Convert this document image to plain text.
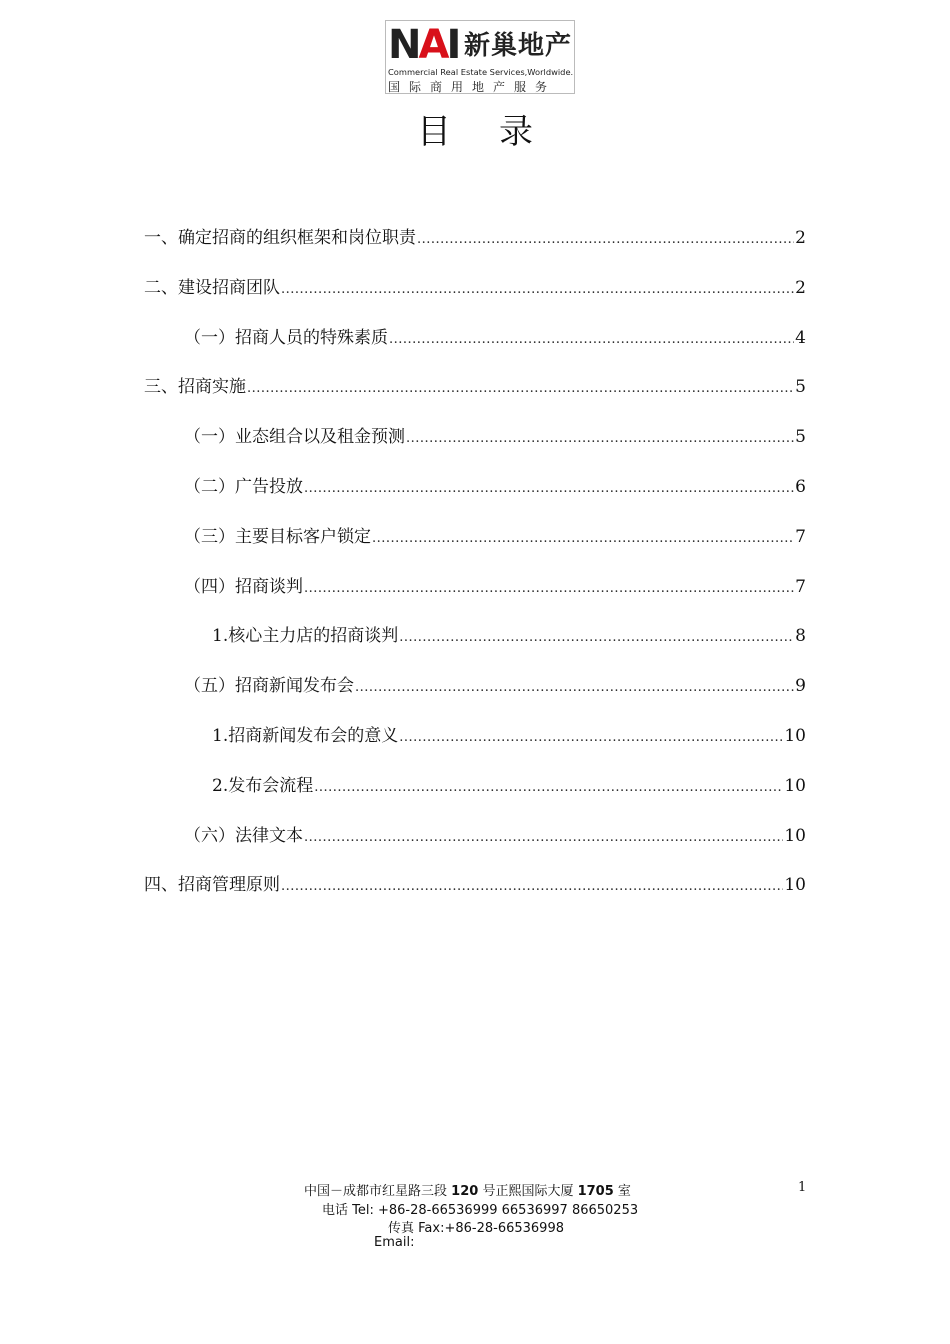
NAI 新巢地产
Commercial Real Estate Services,Worldwide.
国际商用地产服务
目录
一、确定招商的组织框架和岗位职责 .....	2
二、建设招商团队 .....	2
（一）招商人员的特殊素质 .....	4
三、招商实施 .....	5
（一）业态组合以及租金预测 .....	5
（二）广告投放 .....	6
（三）主要目标客户锁定 .....	7
（四）招商谈判 .....	7
1.核心主力店的招商谈判 .....	8
（五）招商新闻发布会 .....	9
1.招商新闻发布会的意义 .....	10
2.发布会流程 .....	10
（六）法律文本 .....	10
四、招商管理原则 .....	10
中国－成都市红星路三段 120 号正熙国际大厦 1705 室
电话 Tel: +86-28-66536999 66536997 86650253
传真 Fax:+86-28-66536998
Email:
1
